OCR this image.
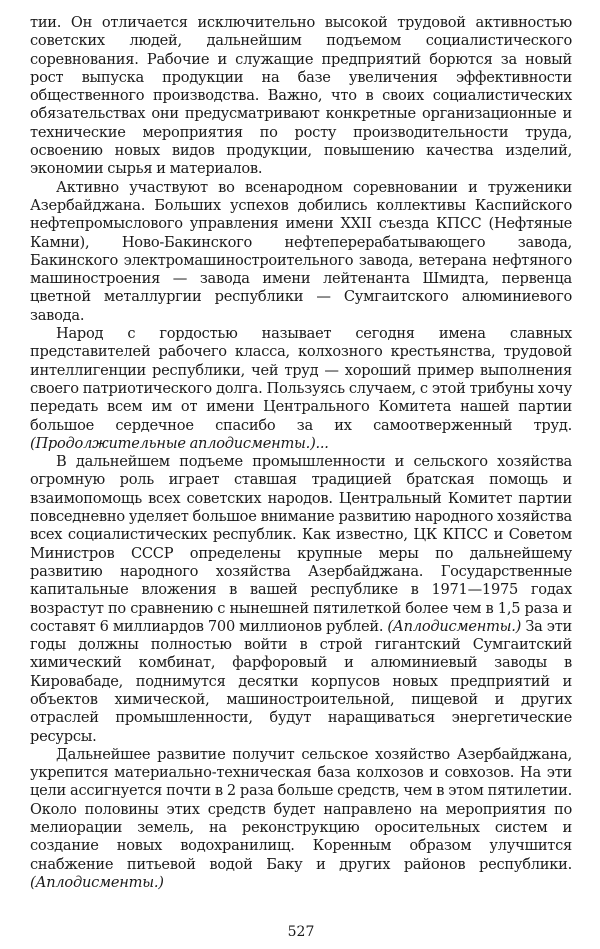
тии. Он отличается исключительно высокой трудовой активностью советских людей, дальнейшим подъемом социалистического соревнования. Рабочие и служащие предприятий борются за новый рост выпуска продукции на базе увеличения эффективности общественного производства. Важно, что в своих социалистических обязательствах они предусматривают конкретные организационные и технические мероприятия по росту производительности труда, освоению новых видов продукции, повышению качества изделий, экономии сырья и материалов.

Активно участвуют во всенародном соревновании и труженики Азербайджана. Больших успехов добились коллективы Каспийского нефтепромыслового управления имени XXII съезда КПСС (Нефтяные Камни), Ново-Бакинского нефтеперерабатывающего завода, Бакинского электромашиностроительного завода, ветерана нефтяного машиностроения — завода имени лейтенанта Шмидта, первенца цветной металлургии республики — Сумгаитского алюминиевого завода.

Народ с гордостью называет сегодня имена славных представителей рабочего класса, колхозного крестьянства, трудовой интеллигенции республики, чей труд — хороший пример выполнения своего патриотического долга. Пользуясь случаем, с этой трибуны хочу передать всем им от имени Центрального Комитета нашей партии большое сердечное спасибо за их самоотверженный труд. (Продолжительные аплодисменты.)...

В дальнейшем подъеме промышленности и сельского хозяйства огромную роль играет ставшая традицией братская помощь и взаимопомощь всех советских народов. Центральный Комитет партии повседневно уделяет большое внимание развитию народного хозяйства всех социалистических республик. Как известно, ЦК КПСС и Советом Министров СССР определены крупные меры по дальнейшему развитию народного хозяйства Азербайджана. Государственные капитальные вложения в вашей республике в 1971—1975 годах возрастут по сравнению с нынешней пятилеткой более чем в 1,5 раза и составят 6 миллиардов 700 миллионов рублей. (Аплодисменты.) За эти годы должны полностью войти в строй гигантский Сумгаитский химический комбинат, фарфоровый и алюминиевый заводы в Кировабаде, поднимутся десятки корпусов новых предприятий и объектов химической, машиностроительной, пищевой и других отраслей промышленности, будут наращиваться энергетические ресурсы.

Дальнейшее развитие получит сельское хозяйство Азербайджана, укрепится материально-техническая база колхозов и совхозов. На эти цели ассигнуется почти в 2 раза больше средств, чем в этом пятилетии. Около половины этих средств будет направлено на мероприятия по мелиорации земель, на реконструкцию оросительных систем и создание новых водохранилищ. Коренным образом улучшится снабжение питьевой водой Баку и других районов республики. (Аплодисменты.)

527
